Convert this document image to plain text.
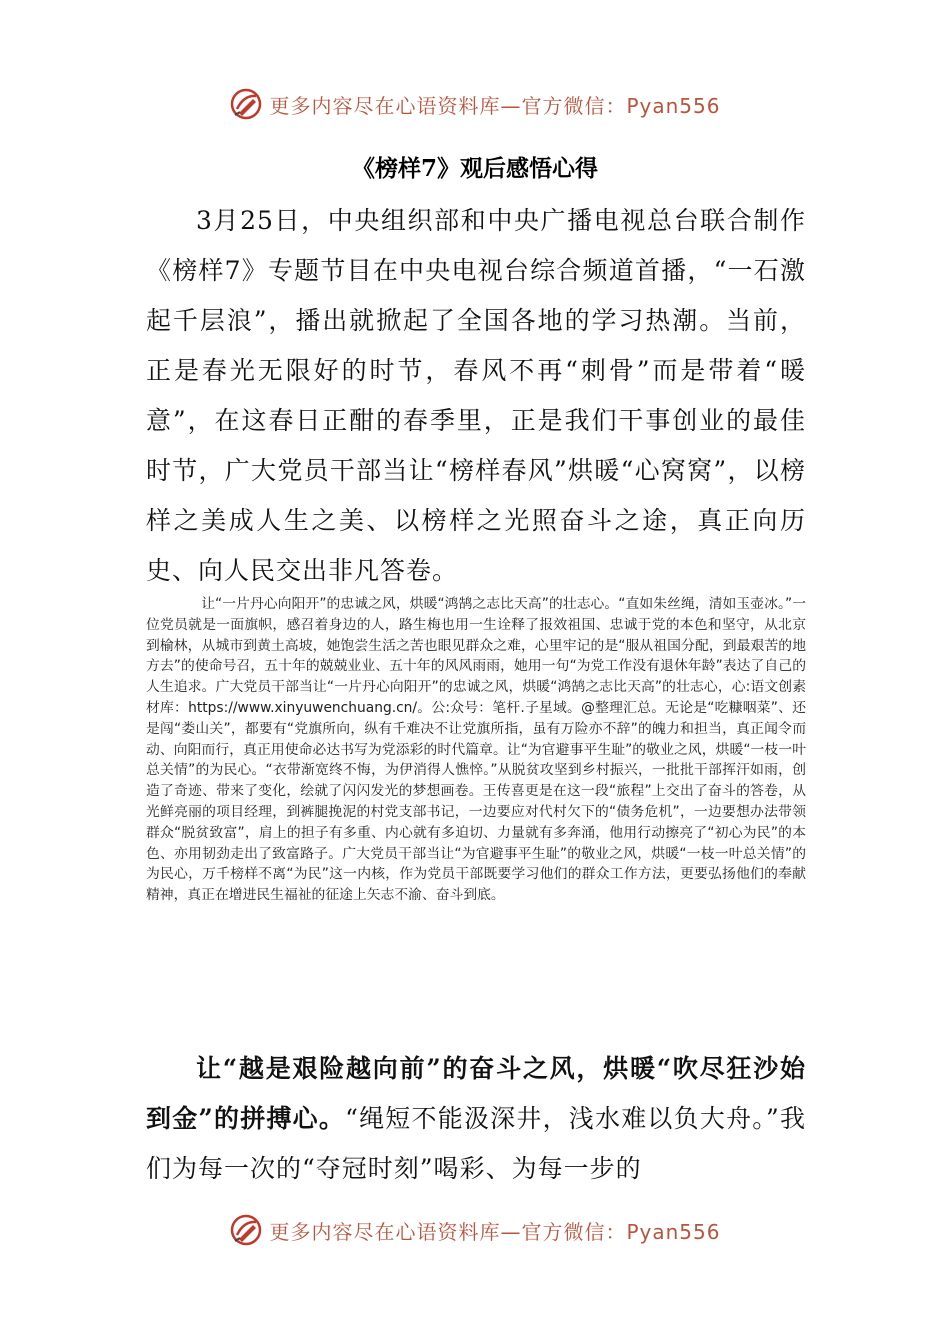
更多内容尽在心语资料库—官方微信：Pyan556
《榜样7》观后感悟心得

3月25日，中央组织部和中央广播电视总台联合制作《榜样7》专题节目在中央电视台综合频道首播，“一石激起千层浪”，播出就掀起了全国各地的学习热潮。当前，正是春光无限好的时节，春风不再“刺骨”而是带着“暖意”，在这春日正酣的春季里，正是我们干事创业的最佳时节，广大党员干部当让“榜样春风”烘暖“心窝窝”，以榜样之美成人生之美、以榜样之光照奋斗之途，真正向历史、向人民交出非凡答卷。

让“一片丹心向阳开”的忠诚之风，烘暖“鸿鹄之志比天高”的壮志心。“直如朱丝绳，清如玉壶冰。”一位党员就是一面旗帜，感召着身边的人，路生梅也用一生诠释了报效祖国、忠诚于党的本色和坚守，从北京到榆林，从城市到黄土高坡，她饱尝生活之苦也眼见群众之难，心里牢记的是“服从祖国分配，到最艰苦的地方去”的使命号召，五十年的兢兢业业、五十年的风风雨雨，她用一句“为党工作没有退休年龄”表达了自己的人生追求。广大党员干部当让“一片丹心向阳开”的忠诚之风，烘暖“鸿鹄之志比天高”的壮志心，心:语文创素材库：https://www.xinyuwenchuang.cn/。公:众号：笔杆.子星域。@整理汇总。无论是“吃糠咽菜”、还是闯“娄山关”，都要有“党旗所向，纵有千难决不让党旗所指，虽有万险亦不辞”的魄力和担当，真正闻令而动、向阳而行，真正用使命必达书写为党添彩的时代篇章。让“为官避事平生耻”的敬业之风，烘暖“一枝一叶总关情”的为民心。“衣带渐宽终不悔，为伊消得人憔悴。”从脱贫攻坚到乡村振兴，一批批干部挥汗如雨，创造了奇迹、带来了变化，绘就了闪闪发光的梦想画卷。王传喜更是在这一段“旅程”上交出了奋斗的答卷，从光鲜亮丽的项目经理，到裤腿挽泥的村党支部书记，一边要应对代村欠下的“债务危机”，一边要想办法带领群众“脱贫致富”，肩上的担子有多重、内心就有多迫切、力量就有多奔涌，他用行动擦亮了“初心为民”的本色、亦用韧劲走出了致富路子。广大党员干部当让“为官避事平生耻”的敬业之风，烘暖“一枝一叶总关情”的为民心，万千榜样不离“为民”这一内核，作为党员干部既要学习他们的群众工作方法，更要弘扬他们的奉献精神，真正在增进民生福祉的征途上矢志不渝、奋斗到底。

让“越是艰险越向前”的奋斗之风，烘暖“吹尽狂沙始到金”的拼搏心。“绳短不能汲深井，浅水难以负大舟。”我们为每一次的“夺冠时刻”喝彩、为每一步的

更多内容尽在心语资料库—官方微信：Pyan556
